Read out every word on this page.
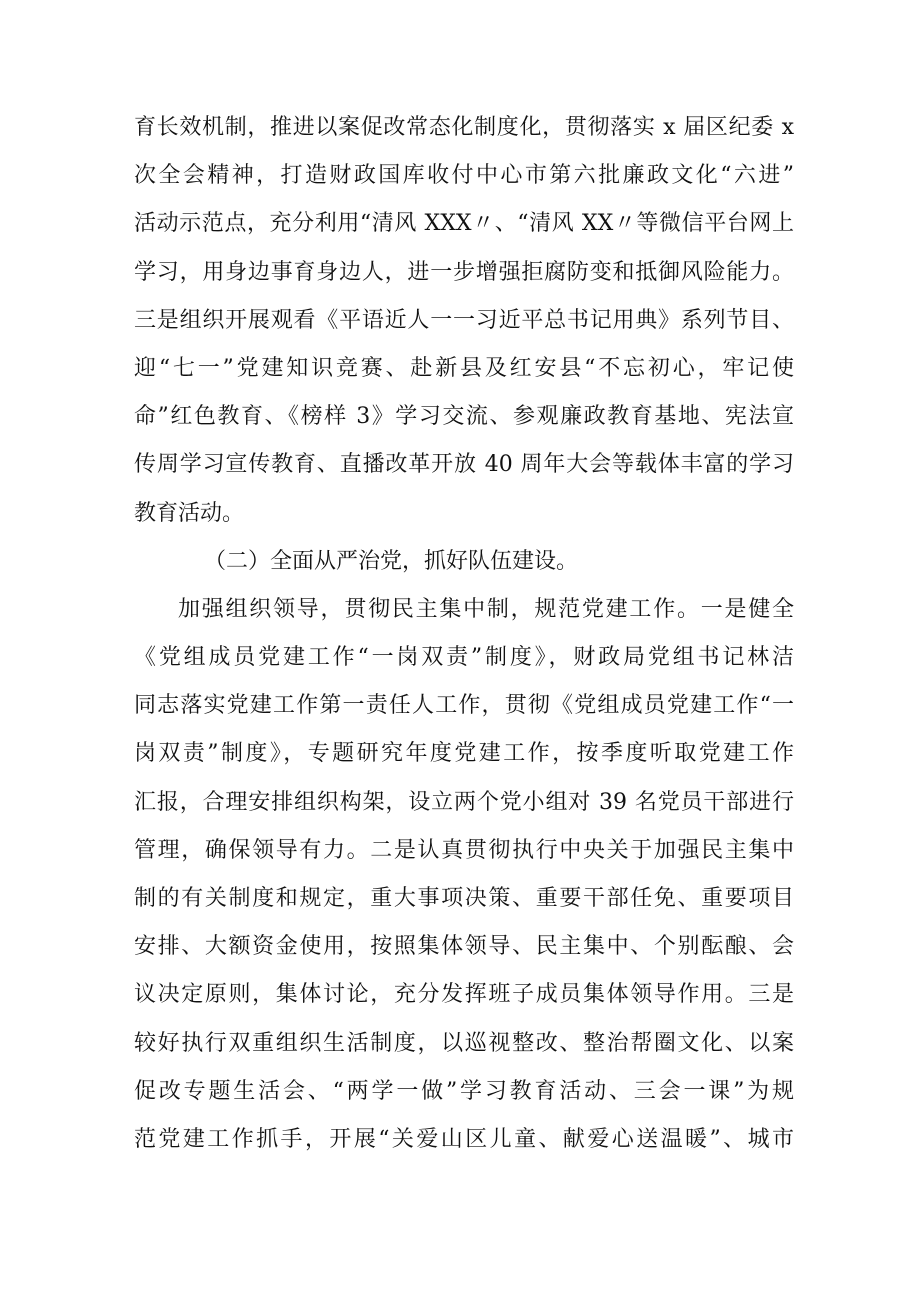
育长效机制，推进以案促改常态化制度化，贯彻落实 x 届区纪委 x
次全会精神，打造财政国库收付中心市第六批廉政文化“六进”
活动示范点，充分利用“清风 XXX〃、“清风 XX〃等微信平台网上
学习，用身边事育身边人，进一步增强拒腐防变和抵御风险能力。
三是组织开展观看《平语近人一一习近平总书记用典》系列节目、
迎“七一”党建知识竞赛、赴新县及红安县“不忘初心，牢记使
命”红色教育、《榜样 3》学习交流、参观廉政教育基地、宪法宣
传周学习宣传教育、直播改革开放 40 周年大会等载体丰富的学习
教育活动。
（二）全面从严治党，抓好队伍建设。
加强组织领导，贯彻民主集中制，规范党建工作。一是健全
《党组成员党建工作“一岗双责”制度》，财政局党组书记林洁
同志落实党建工作第一责任人工作，贯彻《党组成员党建工作“一
岗双责”制度》，专题研究年度党建工作，按季度听取党建工作
汇报，合理安排组织构架，设立两个党小组对 39 名党员干部进行
管理，确保领导有力。二是认真贯彻执行中央关于加强民主集中
制的有关制度和规定，重大事项决策、重要干部任免、重要项目
安排、大额资金使用，按照集体领导、民主集中、个别酝酿、会
议决定原则，集体讨论，充分发挥班子成员集体领导作用。三是
较好执行双重组织生活制度，以巡视整改、整治帮圈文化、以案
促改专题生活会、“两学一做”学习教育活动、三会一课”为规
范党建工作抓手，开展“关爱山区儿童、献爱心送温暖”、城市
